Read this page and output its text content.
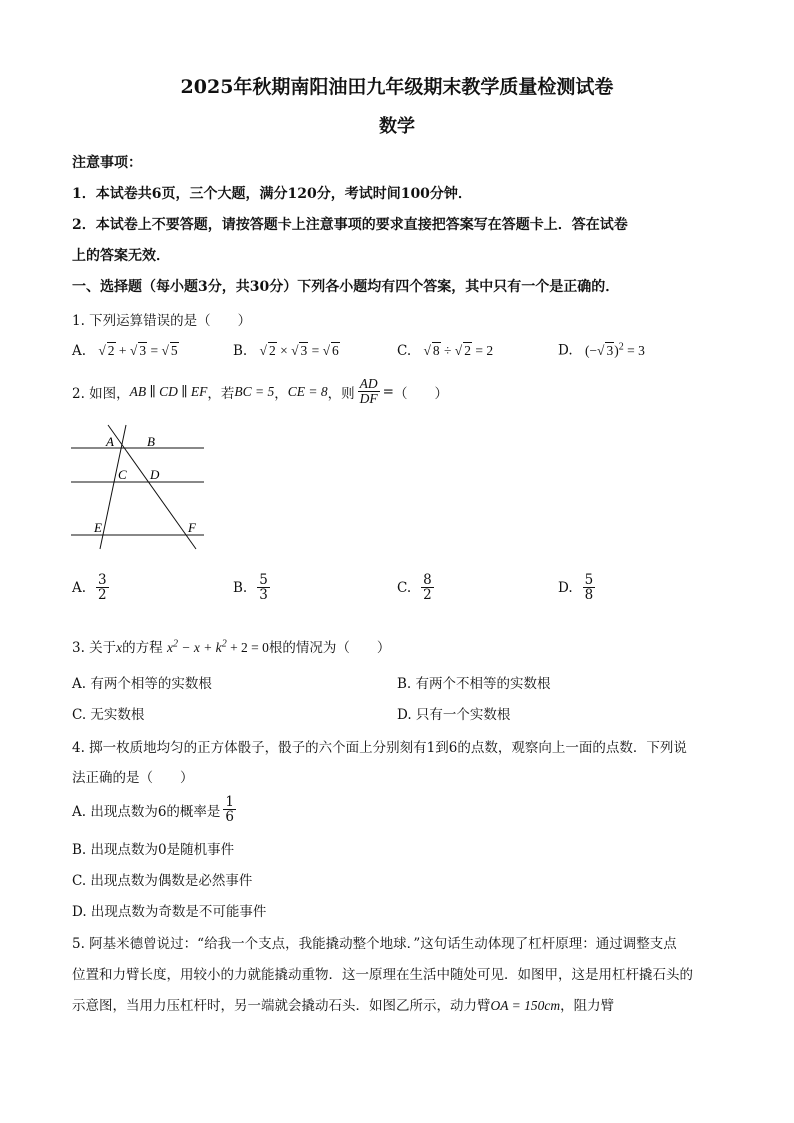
2025年秋期南阳油田九年级期末教学质量检测试卷
数学
注意事项：
1．本试卷共6页，三个大题，满分120分，考试时间100分钟．
2．本试卷上不要答题，请按答题卡上注意事项的要求直接把答案写在答题卡上．答在试卷
上的答案无效．
一、选择题（每小题3分，共30分）下列各小题均有四个答案，其中只有一个是正确的．
1. 下列运算错误的是（　　）
A. √ 2 + √ 3 = √ 5	B. √ 2 × √ 3 = √ 6	C. √ 8 ÷ √ 2 = 2	D. (−√ 3)$^2$ = 3
2. 如图， AB ∥ CD ∥ EF ，若 BC = 5 ， CE = 8 ，则 $\frac{AD}{DF}$ = （　　）
A	B
C D
E	F
A. $\frac{3}{2}$	B. $\frac{5}{3}$	C. $\frac{8}{2}$	D. $\frac{5}{8}$
3. 关于x的方程 $x^2 - x + k^2 + 2 = 0$根的情况为（　　）
A. 有两个相等的实数根	B. 有两个不相等的实数根
C. 无实数根	D. 只有一个实数根
4. 掷一枚质地均匀的正方体骰子，骰子的六个面上分别刻有1到6的点数，观察向上一面的点数．下列说
法正确的是（　　）
A. 出现点数为6的概率是 $\frac{1}{6}$
B. 出现点数为0是随机事件
C. 出现点数为偶数是必然事件
D. 出现点数为奇数是不可能事件
5. 阿基米德曾说过：“给我一个支点，我能撬动整个地球．”这句话生动体现了杠杆原理：通过调整支点
位置和力臂长度，用较小的力就能撬动重物．这一原理在生活中随处可见．如图甲，这是用杠杆撬石头的
示意图，当用力压杠杆时，另一端就会撬动石头．如图乙所示，动力臂OA = 150cm，阻力臂
